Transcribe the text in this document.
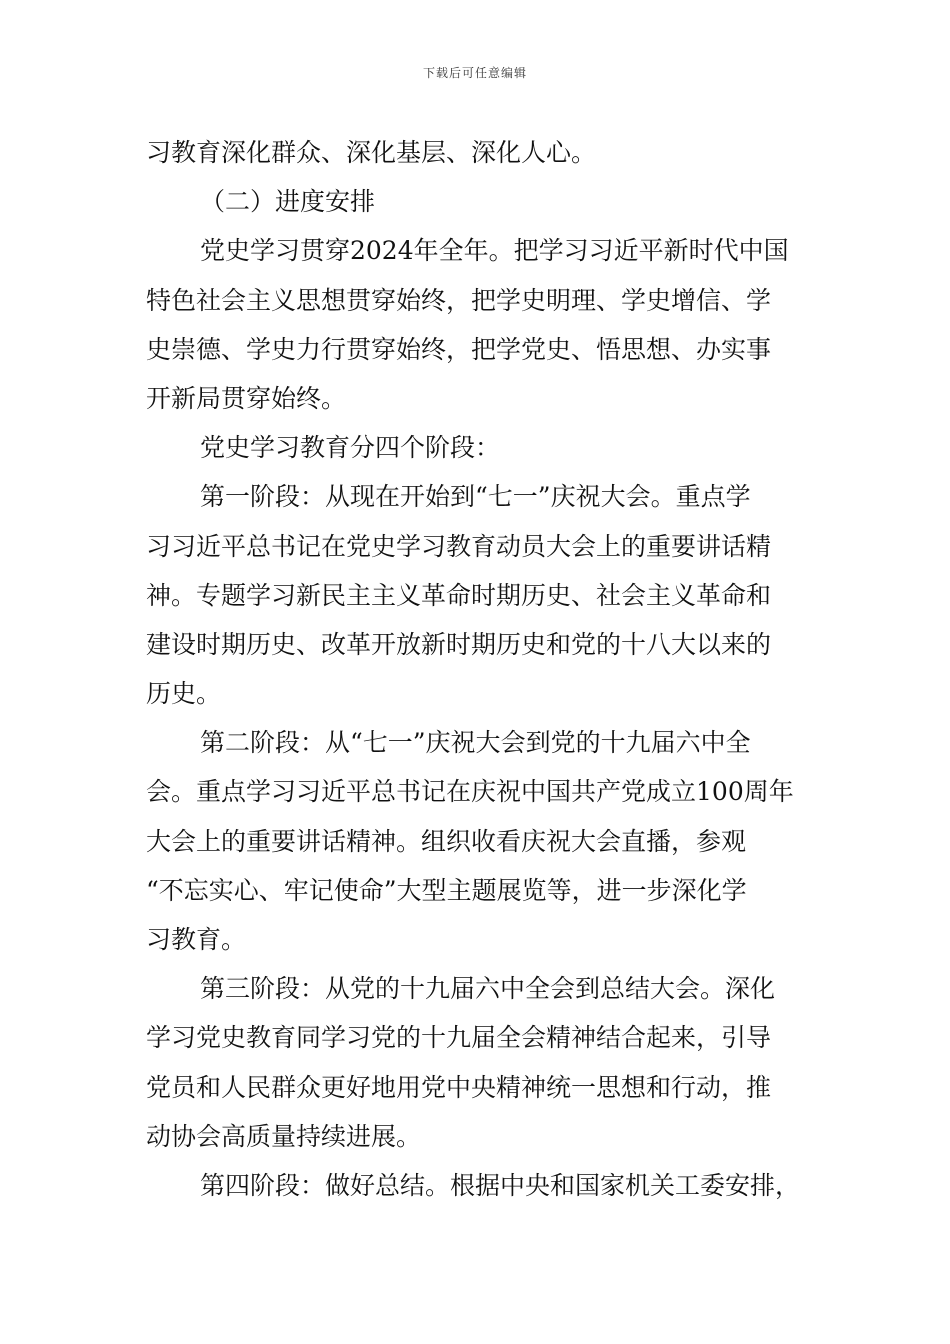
下载后可任意编辑
习教育深化群众、深化基层、深化人心。
（二）进度安排
党史学习贯穿2024年全年。把学习习近平新时代中国
特色社会主义思想贯穿始终，把学史明理、学史增信、学
史崇德、学史力行贯穿始终，把学党史、悟思想、办实事
开新局贯穿始终。
党史学习教育分四个阶段：
第一阶段：从现在开始到“七一”庆祝大会。重点学
习习近平总书记在党史学习教育动员大会上的重要讲话精
神。专题学习新民主主义革命时期历史、社会主义革命和
建设时期历史、改革开放新时期历史和党的十八大以来的
历史。
第二阶段：从“七一”庆祝大会到党的十九届六中全
会。重点学习习近平总书记在庆祝中国共产党成立100周年
大会上的重要讲话精神。组织收看庆祝大会直播，参观
“不忘实心、牢记使命”大型主题展览等，进一步深化学
习教育。
第三阶段：从党的十九届六中全会到总结大会。深化
学习党史教育同学习党的十九届全会精神结合起来，引导
党员和人民群众更好地用党中央精神统一思想和行动，推
动协会高质量持续进展。
第四阶段：做好总结。根据中央和国家机关工委安排，
